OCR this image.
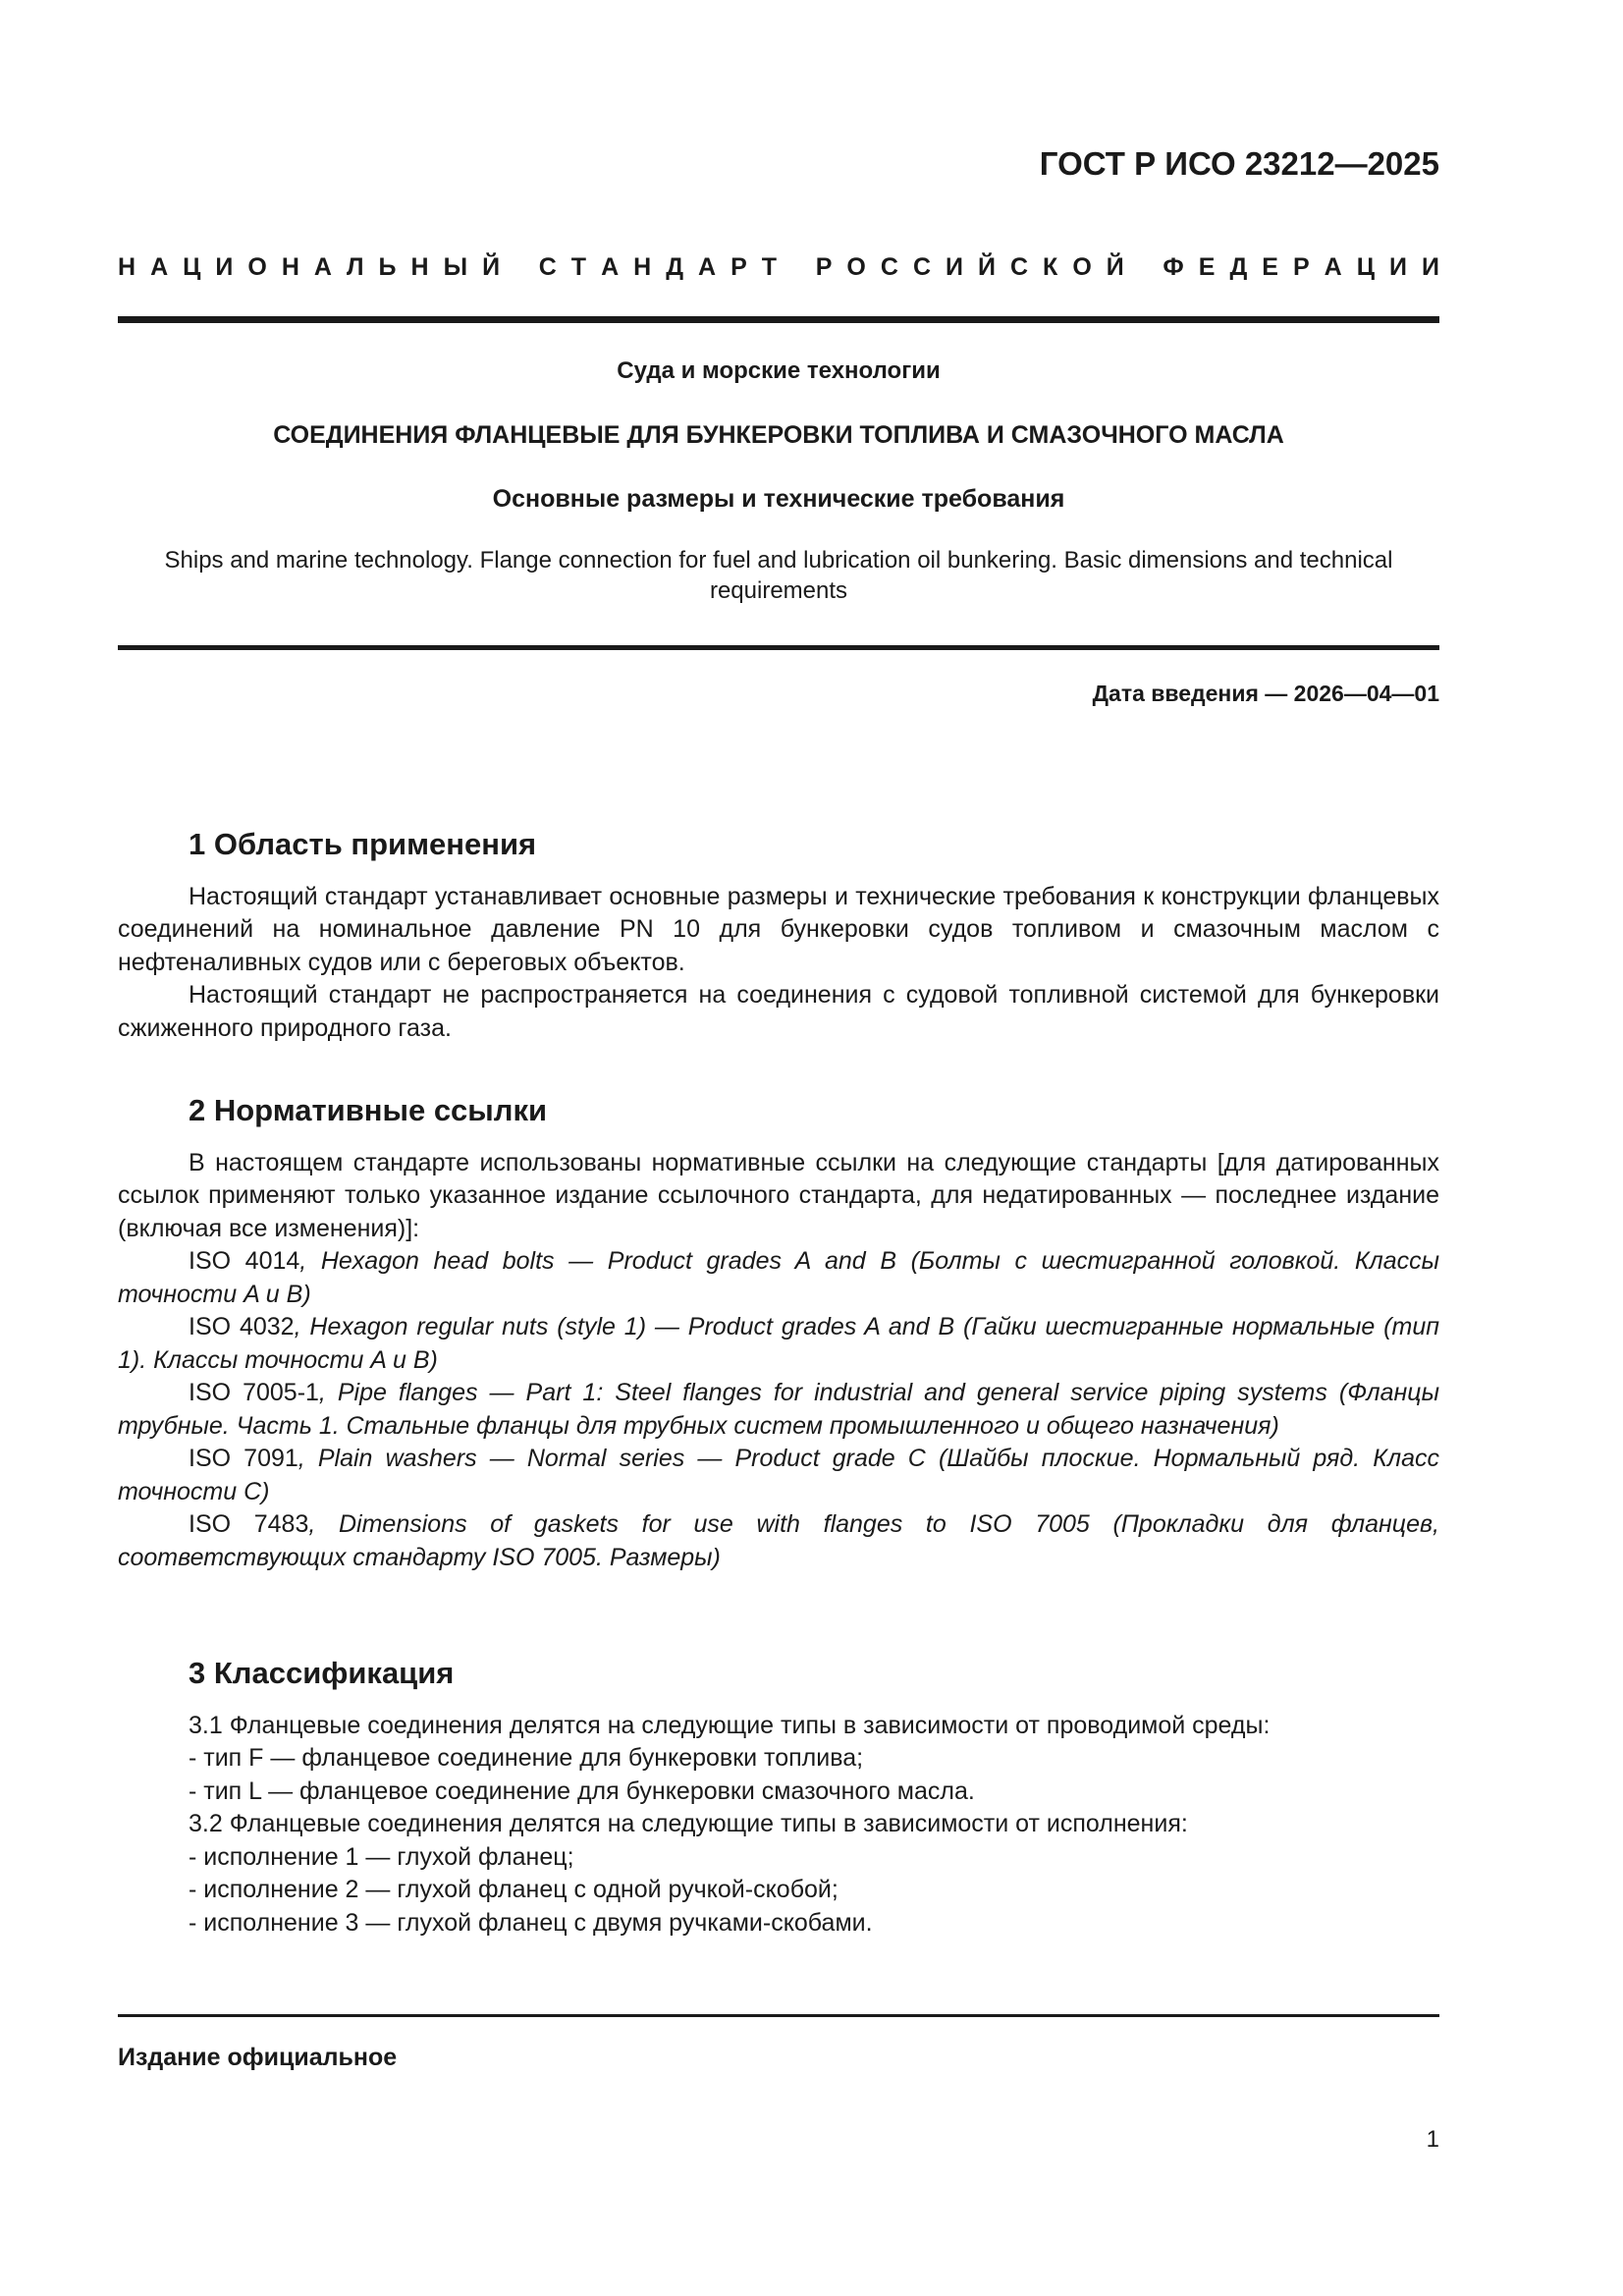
ГОСТ Р ИСО 23212—2025
Н   А   Ц   И   О   Н   А   Л   Ь   Н   Ы   Й С   Т   А   Н   Д   А   Р   Т Р   О   С   С   И   Й   С   К   О   Й Ф   Е   Д   Е   Р   А   Ц   И   И
Суда и морские технологии
СОЕДИНЕНИЯ ФЛАНЦЕВЫЕ ДЛЯ БУНКЕРОВКИ ТОПЛИВА И СМАЗОЧНОГО МАСЛА
Основные размеры и технические требования
Ships and marine technology. Flange connection for fuel and lubrication oil bunkering. Basic dimensions and technical requirements
Дата введения — 2026—04—01
1 Область применения

Настоящий стандарт устанавливает основные размеры и технические требования к конструкции фланцевых соединений на номинальное давление PN 10 для бункеровки судов топливом и смазочным маслом с нефтеналивных судов или с береговых объектов.

Настоящий стандарт не распространяется на соединения с судовой топливной системой для бункеровки сжиженного природного газа.

2 Нормативные ссылки

В настоящем стандарте использованы нормативные ссылки на следующие стандарты [для датированных ссылок применяют только указанное издание ссылочного стандарта, для недатированных — последнее издание (включая все изменения)]:

ISO 4014, Hexagon head bolts — Product grades A and B (Болты с шестигранной головкой. Классы точности A и B)

ISO 4032, Hexagon regular nuts (style 1) — Product grades A and B (Гайки шестигранные нормальные (тип 1). Классы точности A и B)

ISO 7005-1, Pipe flanges — Part 1: Steel flanges for industrial and general service piping systems (Фланцы трубные. Часть 1. Стальные фланцы для трубных систем промышленного и общего назначения)

ISO 7091, Plain washers — Normal series — Product grade C (Шайбы плоские. Нормальный ряд. Класс точности C)

ISO 7483, Dimensions of gaskets for use with flanges to ISO 7005 (Прокладки для фланцев, соответствующих стандарту ISO 7005. Размеры)

3 Классификация
3.1 Фланцевые соединения делятся на следующие типы в зависимости от проводимой среды:
- тип F — фланцевое соединение для бункеровки топлива;
- тип L — фланцевое соединение для бункеровки смазочного масла.
3.2 Фланцевые соединения делятся на следующие типы в зависимости от исполнения:
- исполнение 1 — глухой фланец;
- исполнение 2 — глухой фланец с одной ручкой-скобой;
- исполнение 3 — глухой фланец с двумя ручками-скобами.
Издание официальное
1
